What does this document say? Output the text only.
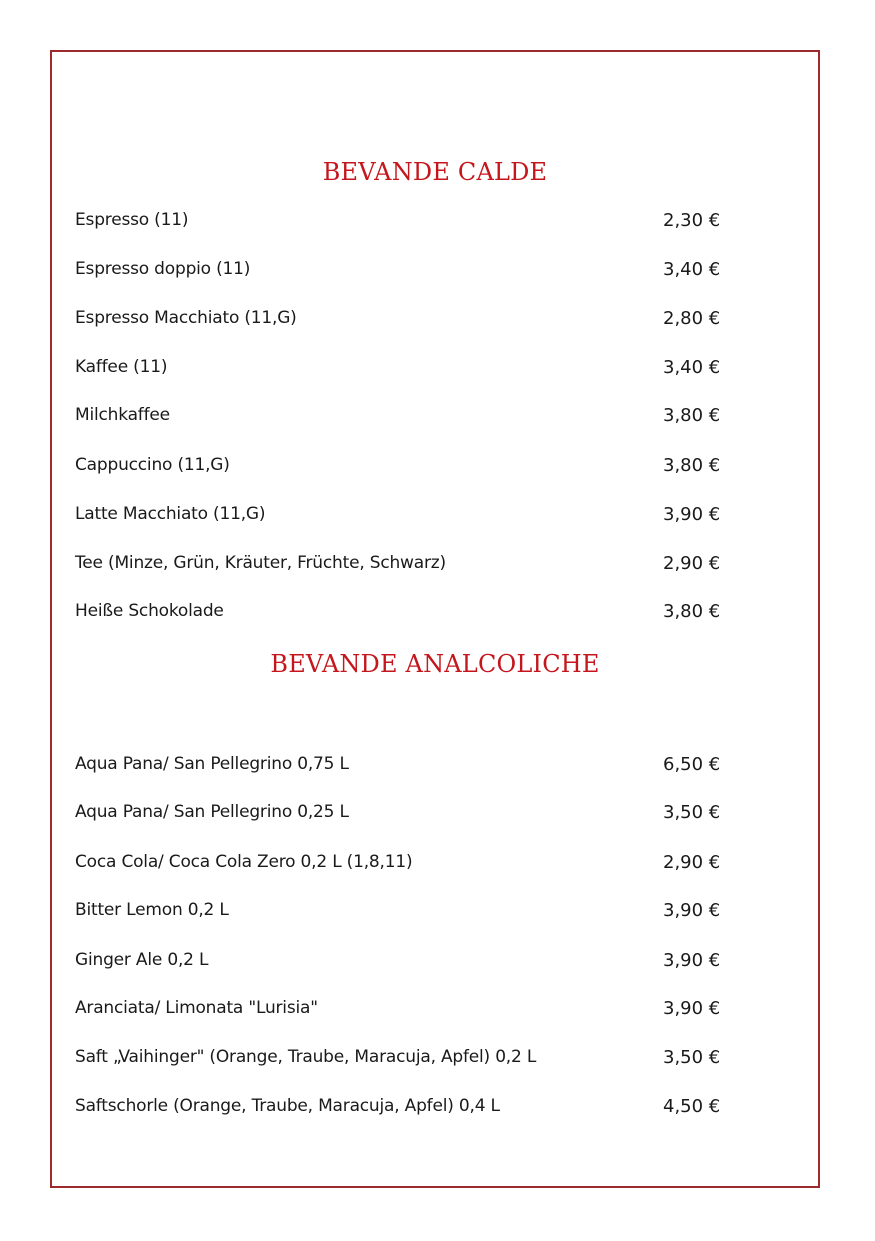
BEVANDE CALDE
Espresso (11)	2,30 €
Espresso doppio (11)	3,40 €
Espresso Macchiato (11,G)	2,80 €
Kaffee (11)	3,40 €
Milchkaffee	3,80 €
Cappuccino (11,G)	3,80 €
Latte Macchiato (11,G)	3,90 €
Tee (Minze, Grün, Kräuter, Früchte, Schwarz)	2,90 €
Heiße Schokolade	3,80 €
BEVANDE ANALCOLICHE
Aqua Pana/ San Pellegrino 0,75 L	6,50 €
Aqua Pana/ San Pellegrino 0,25 L	3,50 €
Coca Cola/ Coca Cola Zero 0,2 L (1,8,11)	2,90 €
Bitter Lemon 0,2 L	3,90 €
Ginger Ale 0,2 L	3,90 €
Aranciata/ Limonata "Lurisia"	3,90 €
Saft „Vaihinger" (Orange, Traube, Maracuja, Apfel) 0,2 L	3,50 €
Saftschorle (Orange, Traube, Maracuja, Apfel) 0,4 L	4,50 €
